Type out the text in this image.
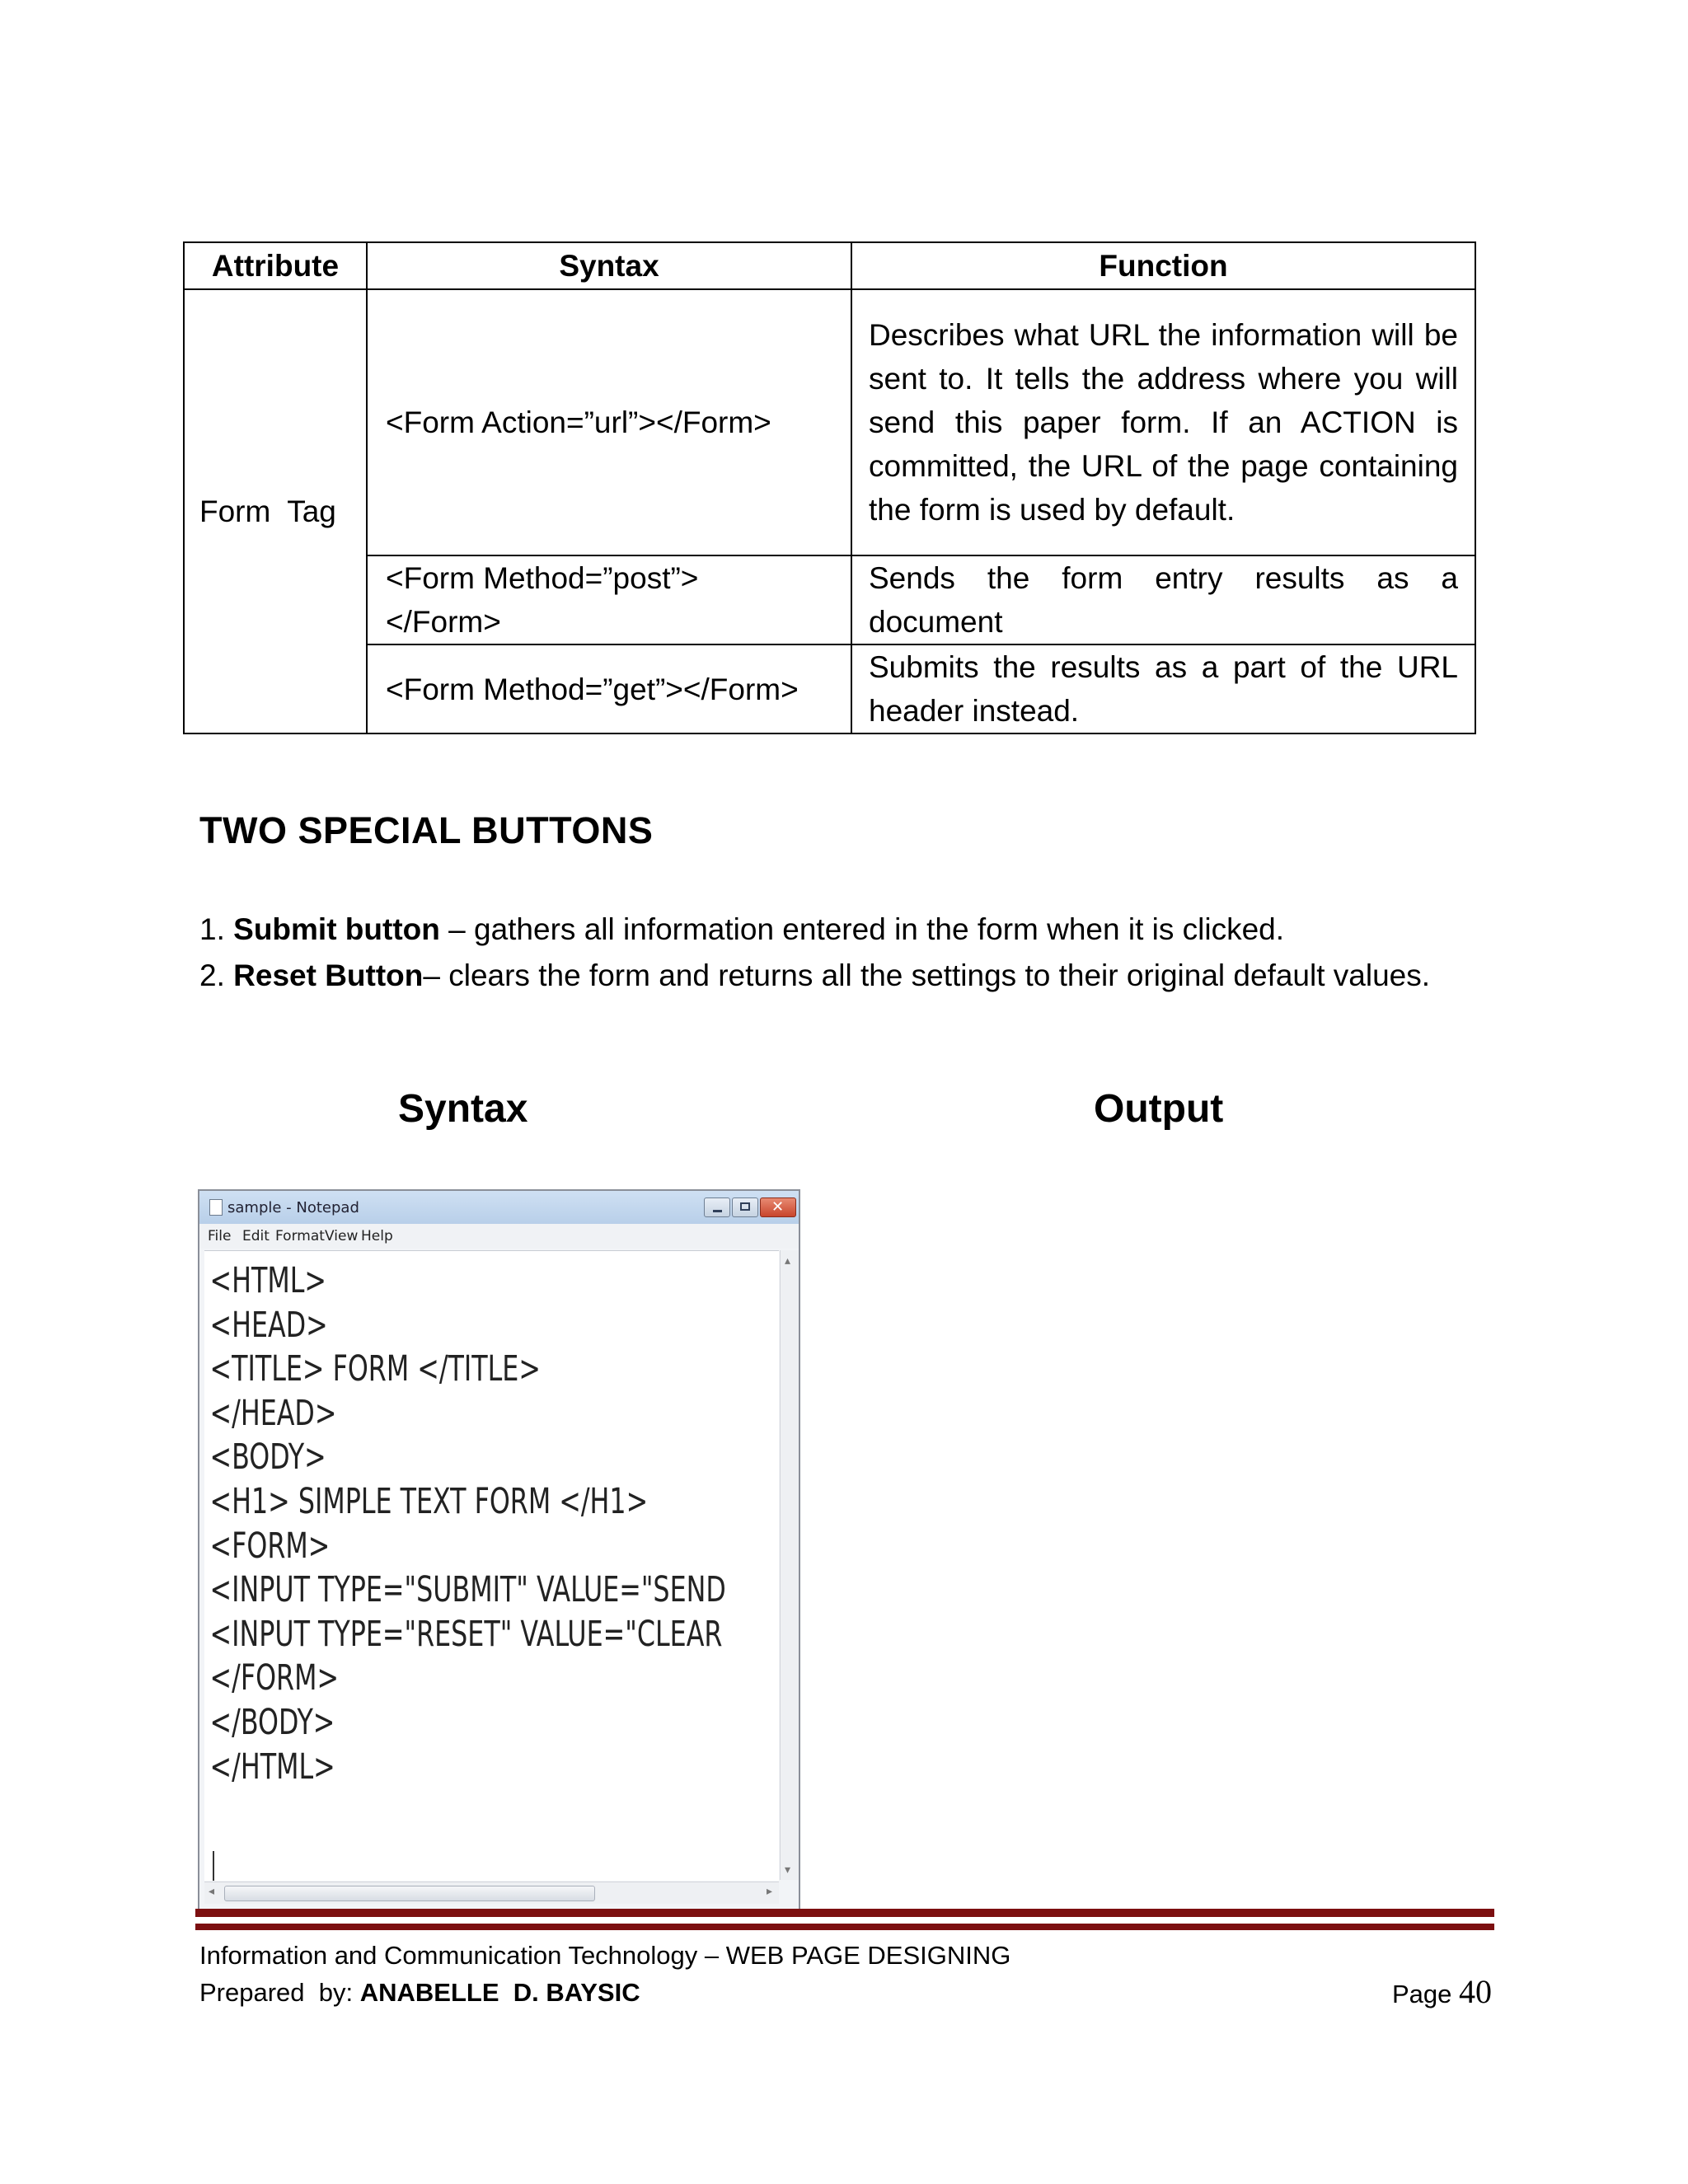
Attribute	Syntax	Function
Form  Tag	<Form Action=”url”></Form>	Describes what URL the information will be sent to. It tells the address where you will send this paper form. If an ACTION is committed, the URL of the page containing the form is used by default.
	<Form Method=”post”></Form>	Sends the form entry results as a document
	<Form Method=”get”></Form>	Submits the results as a part of the URL header instead.
TWO SPECIAL BUTTONS
1. Submit button – gathers all information entered in the form when it is clicked.
2. Reset Button– clears the form and returns all the settings to their original default values.
Syntax	Output
sample - Notepad
✕
File Edit Format View Help
<HTML>
<HEAD>
<TITLE> FORM </TITLE>
</HEAD>
<BODY>
<H1> SIMPLE TEXT FORM </H1>
<FORM>
<INPUT TYPE="SUBMIT" VALUE="SEND
<INPUT TYPE="RESET" VALUE="CLEAR
</FORM>
</BODY>
</HTML>
▴ ▾
◂
▸

Information and Communication Technology – WEB PAGE DESIGNING

Prepared  by: ANABELLE  D. BAYSIC	Page 40
